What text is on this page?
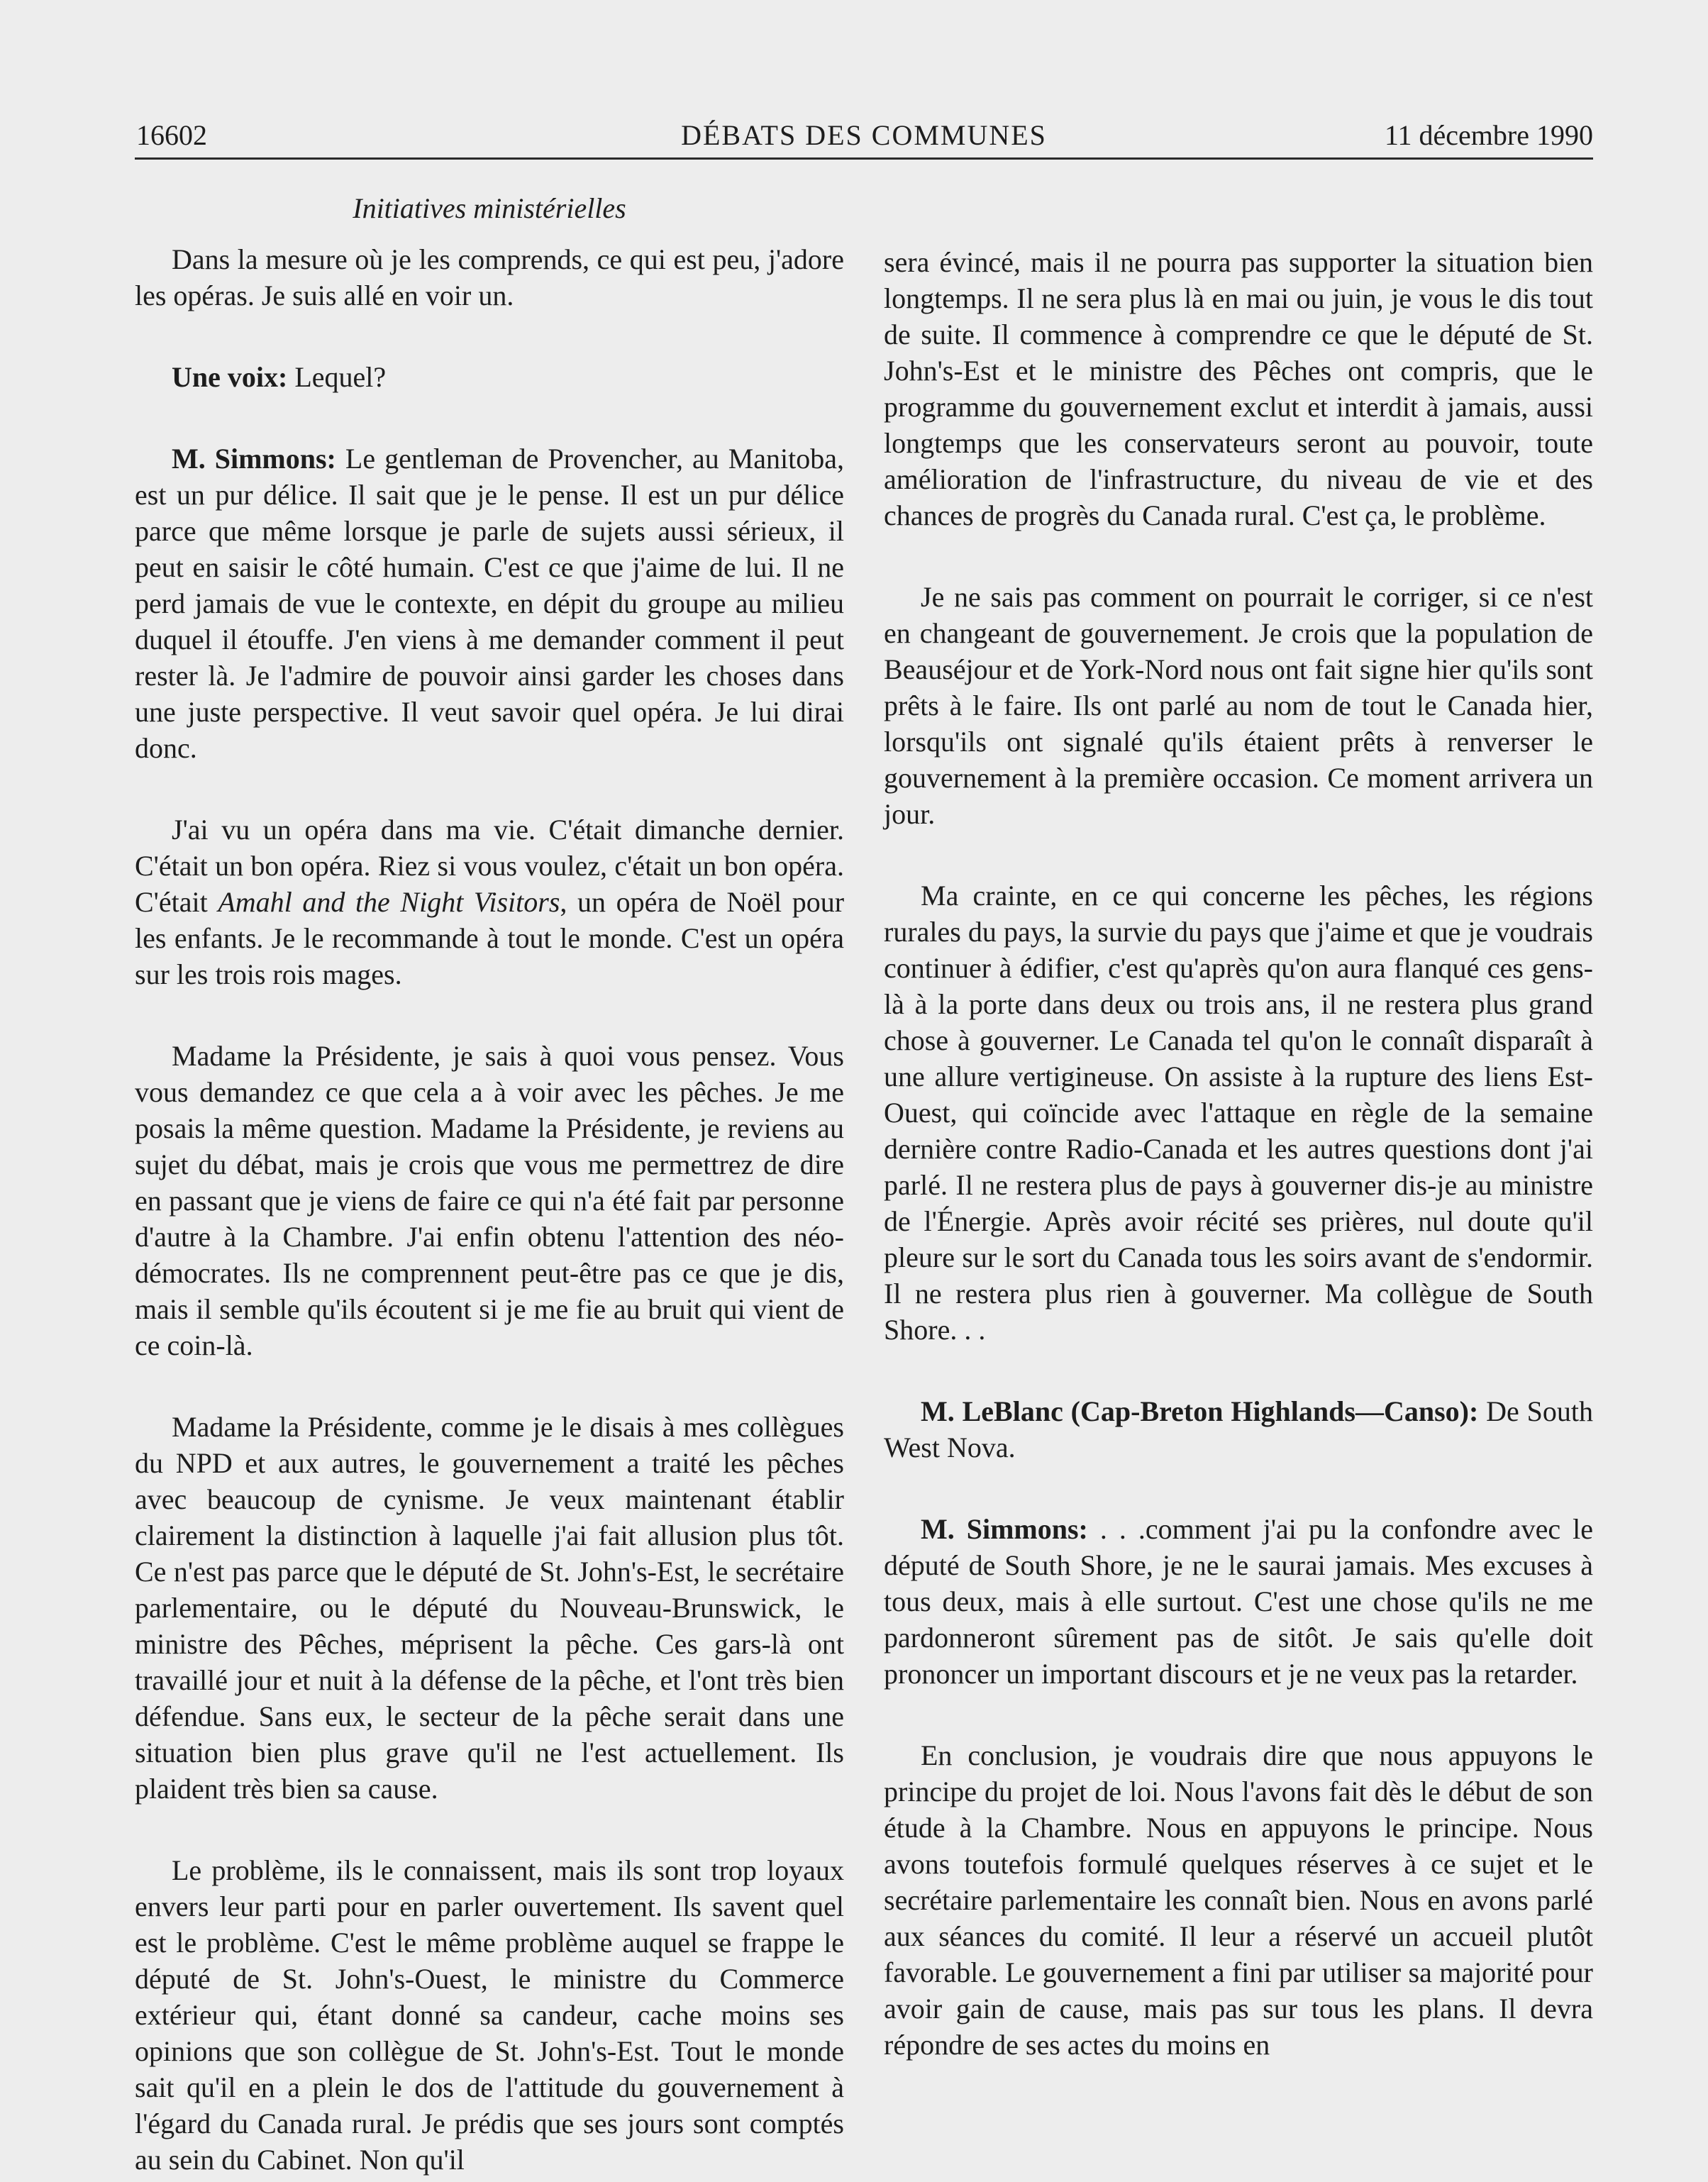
16602	DÉBATS DES COMMUNES	11 décembre 1990
Initiatives ministérielles

Dans la mesure où je les comprends, ce qui est peu, j'adore les opéras. Je suis allé en voir un.

Une voix: Lequel?

M. Simmons: Le gentleman de Provencher, au Manitoba, est un pur délice. Il sait que je le pense. Il est un pur délice parce que même lorsque je parle de sujets aussi sérieux, il peut en saisir le côté humain. C'est ce que j'aime de lui. Il ne perd jamais de vue le contexte, en dépit du groupe au milieu duquel il étouffe. J'en viens à me demander comment il peut rester là. Je l'admire de pouvoir ainsi garder les choses dans une juste perspective. Il veut savoir quel opéra. Je lui dirai donc.

J'ai vu un opéra dans ma vie. C'était dimanche dernier. C'était un bon opéra. Riez si vous voulez, c'était un bon opéra. C'était Amahl and the Night Visitors, un opéra de Noël pour les enfants. Je le recommande à tout le monde. C'est un opéra sur les trois rois mages.

Madame la Présidente, je sais à quoi vous pensez. Vous vous demandez ce que cela a à voir avec les pêches. Je me posais la même question. Madame la Présidente, je reviens au sujet du débat, mais je crois que vous me permettrez de dire en passant que je viens de faire ce qui n'a été fait par personne d'autre à la Chambre. J'ai enfin obtenu l'attention des néo-démocrates. Ils ne comprennent peut-être pas ce que je dis, mais il semble qu'ils écoutent si je me fie au bruit qui vient de ce coin-là.

Madame la Présidente, comme je le disais à mes collègues du NPD et aux autres, le gouvernement a traité les pêches avec beaucoup de cynisme. Je veux maintenant établir clairement la distinction à laquelle j'ai fait allusion plus tôt. Ce n'est pas parce que le député de St. John's-Est, le secrétaire parlementaire, ou le député du Nouveau-Brunswick, le ministre des Pêches, méprisent la pêche. Ces gars-là ont travaillé jour et nuit à la défense de la pêche, et l'ont très bien défendue. Sans eux, le secteur de la pêche serait dans une situation bien plus grave qu'il ne l'est actuellement. Ils plaident très bien sa cause.

Le problème, ils le connaissent, mais ils sont trop loyaux envers leur parti pour en parler ouvertement. Ils savent quel est le problème. C'est le même problème auquel se frappe le député de St. John's-Ouest, le ministre du Commerce extérieur qui, étant donné sa candeur, cache moins ses opinions que son collègue de St. John's-Est. Tout le monde sait qu'il en a plein le dos de l'attitude du gouvernement à l'égard du Canada rural. Je prédis que ses jours sont comptés au sein du Cabinet. Non qu'il

sera évincé, mais il ne pourra pas supporter la situation bien longtemps. Il ne sera plus là en mai ou juin, je vous le dis tout de suite. Il commence à comprendre ce que le député de St. John's-Est et le ministre des Pêches ont compris, que le programme du gouvernement exclut et interdit à jamais, aussi longtemps que les conservateurs seront au pouvoir, toute amélioration de l'infrastructure, du niveau de vie et des chances de progrès du Canada rural. C'est ça, le problème.

Je ne sais pas comment on pourrait le corriger, si ce n'est en changeant de gouvernement. Je crois que la population de Beauséjour et de York-Nord nous ont fait signe hier qu'ils sont prêts à le faire. Ils ont parlé au nom de tout le Canada hier, lorsqu'ils ont signalé qu'ils étaient prêts à renverser le gouvernement à la première occasion. Ce moment arrivera un jour.

Ma crainte, en ce qui concerne les pêches, les régions rurales du pays, la survie du pays que j'aime et que je voudrais continuer à édifier, c'est qu'après qu'on aura flanqué ces gens-là à la porte dans deux ou trois ans, il ne restera plus grand chose à gouverner. Le Canada tel qu'on le connaît disparaît à une allure vertigineuse. On assiste à la rupture des liens Est-Ouest, qui coïncide avec l'attaque en règle de la semaine dernière contre Radio-Canada et les autres questions dont j'ai parlé. Il ne restera plus de pays à gouverner dis-je au ministre de l'Énergie. Après avoir récité ses prières, nul doute qu'il pleure sur le sort du Canada tous les soirs avant de s'endormir. Il ne restera plus rien à gouverner. Ma collègue de South Shore. . .

M. LeBlanc (Cap-Breton Highlands—Canso): De South West Nova.

M. Simmons: . . .comment j'ai pu la confondre avec le député de South Shore, je ne le saurai jamais. Mes excuses à tous deux, mais à elle surtout. C'est une chose qu'ils ne me pardonneront sûrement pas de sitôt. Je sais qu'elle doit prononcer un important discours et je ne veux pas la retarder.

En conclusion, je voudrais dire que nous appuyons le principe du projet de loi. Nous l'avons fait dès le début de son étude à la Chambre. Nous en appuyons le principe. Nous avons toutefois formulé quelques réserves à ce sujet et le secrétaire parlementaire les connaît bien. Nous en avons parlé aux séances du comité. Il leur a réservé un accueil plutôt favorable. Le gouvernement a fini par utiliser sa majorité pour avoir gain de cause, mais pas sur tous les plans. Il devra répondre de ses actes du moins en
